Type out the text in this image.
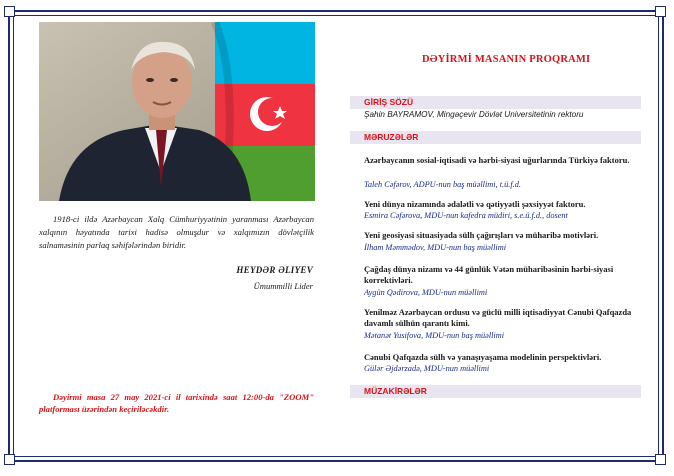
1918-ci ildə Azərbaycan Xalq Cümhuriyyətinin yaranması Azərbaycan xalqının həyatında tarixi hadisə olmuşdur və xalqımızın dövlətçilik salnaməsinin parlaq səhifələrindən biridir.
HEYDƏR ƏLIYEV
Ümummilli Lider
Dəyirmi masa 27 may 2021-ci il tarixində saat 12:00-da "ZOOM" platforması üzərindən keçiriləcəkdir.
DƏYİRMİ MASANIN PROQRAMI
GİRİŞ SÖZÜ
Şahin BAYRAMOV, Mingəçevir Dövlət Universitetinin rektoru
MƏRUZƏLƏR
Azərbaycanın sosial-iqtisadi və hərbi-siyasi uğurlarında Türkiyə faktoru.
Taleh Cəfərov, ADPU-nun baş müəllimi, t.ü.f.d.
Yeni dünya nizamında ədalətli və qətiyyətli şəxsiyyət faktoru.
Esmira Cəfərova, MDU-nun kafedra müdiri, s.e.ü.f.d., dosent
Yeni geosiyasi situasiyada sülh çağırışları və müharibə motivləri.
İlham Məmmədov, MDU-nun baş müəllimi
Çağdaş dünya nizamı və 44 günlük Vətən müharibəsinin hərbi-siyasi korrektivləri.
Aygün Qədirova, MDU-nun müəllimi
Yenilməz Azərbaycan ordusu və güclü milli iqtisadiyyat Cənubi Qafqazda davamlı sülhün qarantı kimi.
Mətanət Yusifova, MDU-nun baş müəllimi
Cənubi Qafqazda sülh və yanaşıyaşama modelinin perspektivləri.
Gülər Əjdərzadə, MDU-nun müəllimi
MÜZAKİRƏLƏR
